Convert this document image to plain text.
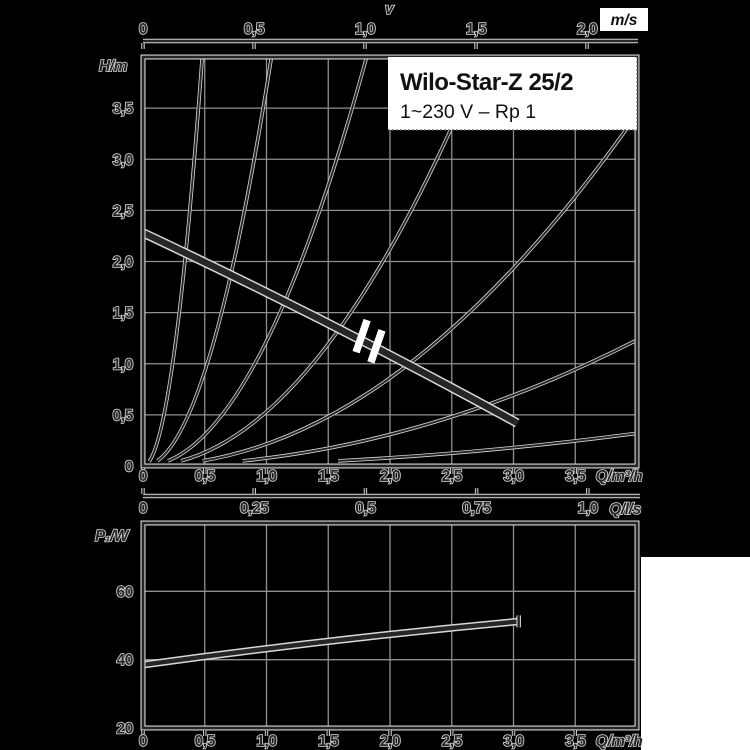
0	0,5	1,0	1,5	2,0
0	0,25	0,5	0,75	1,0
0	0,5	1,0	1,5	2,0	2,5	3,0	3,5
0
0,5
1,0
1,5
2,0
2,5
3,0
3,5
0	0,5	1,0	1,5	2,0	2,5	3,0	3,5
60
40
20
m/s
Wilo-Star-Z 25/2
1~230 V – Rp 1
v
H/m
Q/m³/h
Q/l/s
P₁/W
Q/m³/h
